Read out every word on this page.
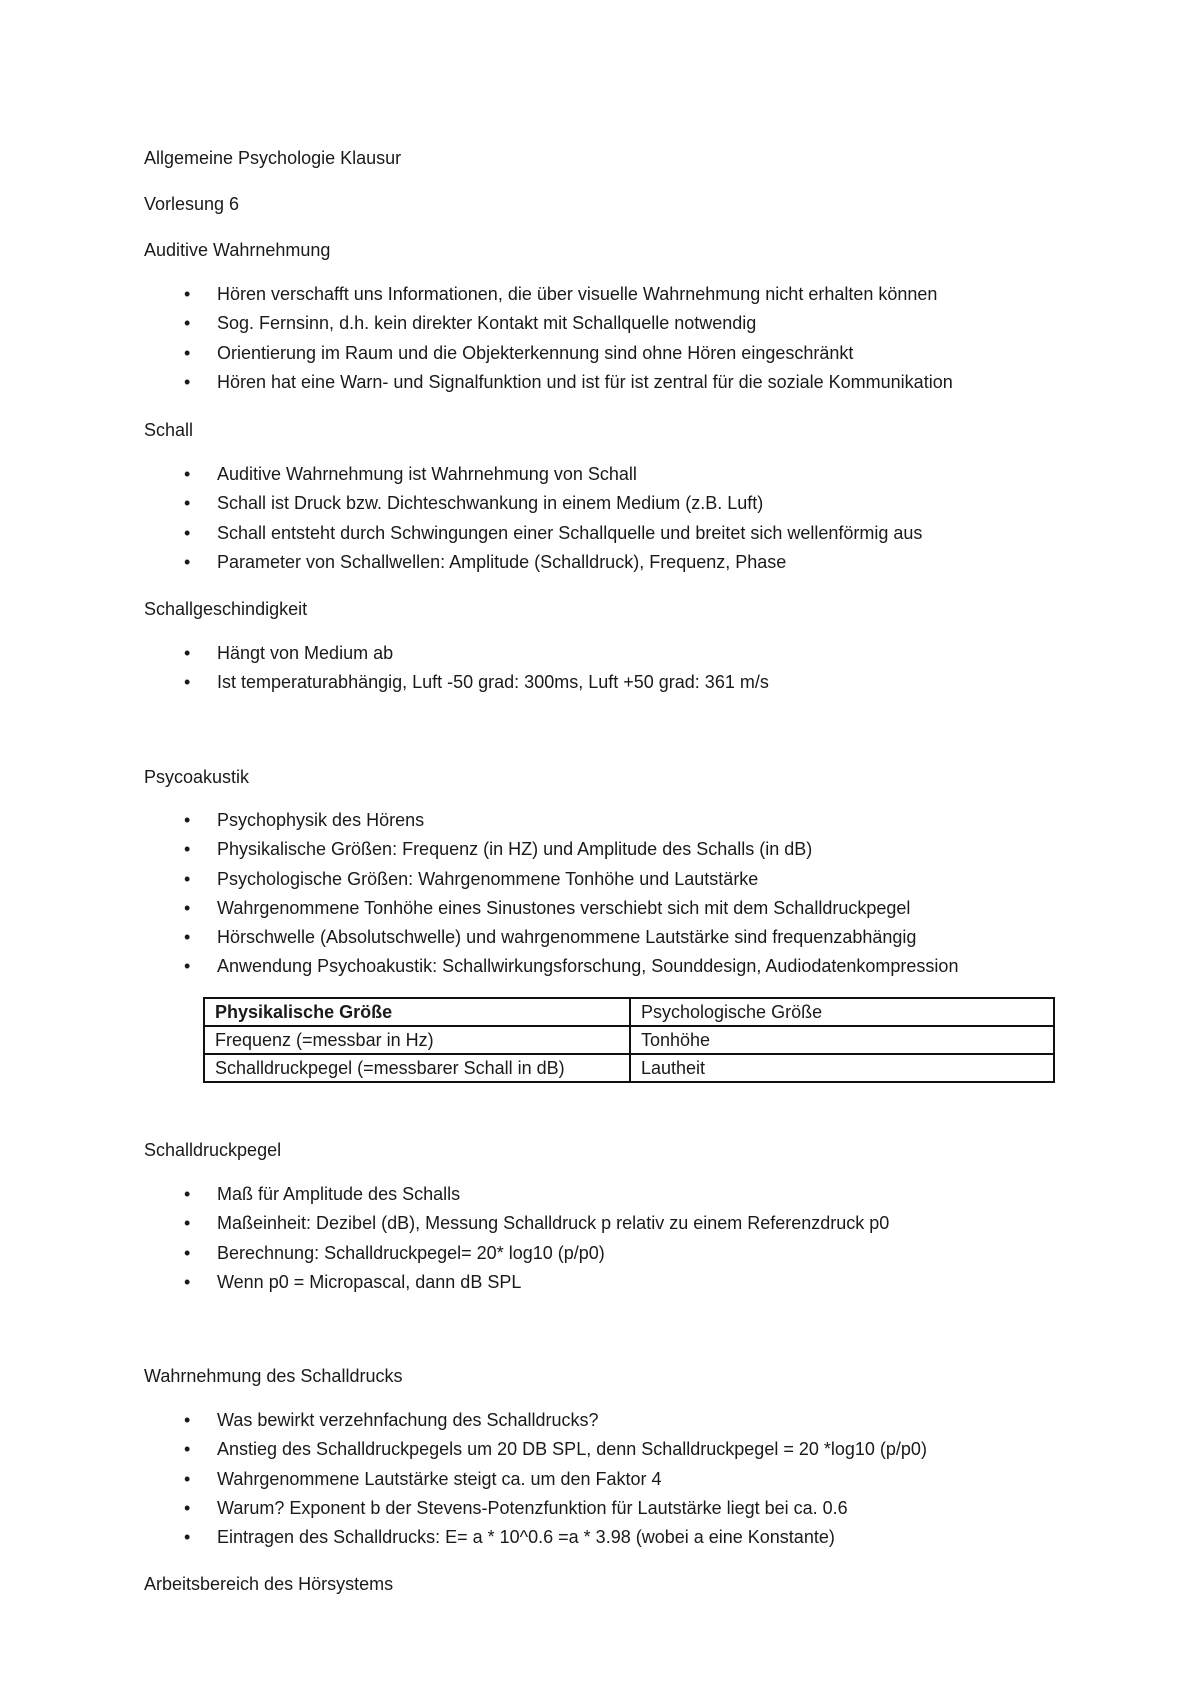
Allgemeine Psychologie Klausur

Vorlesung 6

Auditive Wahrnehmung

• Hören verschafft uns Informationen, die über visuelle Wahrnehmung nicht erhalten können
• Sog. Fernsinn, d.h. kein direkter Kontakt mit Schallquelle notwendig
• Orientierung im Raum und die Objekterkennung sind ohne Hören eingeschränkt
• Hören hat eine Warn- und Signalfunktion und ist für ist zentral für die soziale Kommunikation

Schall

• Auditive Wahrnehmung ist Wahrnehmung von Schall
• Schall ist Druck bzw. Dichteschwankung in einem Medium (z.B. Luft)
• Schall entsteht durch Schwingungen einer Schallquelle und breitet sich wellenförmig aus
• Parameter von Schallwellen: Amplitude (Schalldruck), Frequenz, Phase

Schallgeschindigkeit

• Hängt von Medium ab
• Ist temperaturabhängig, Luft -50 grad: 300ms, Luft +50 grad: 361 m/s

Psycoakustik

• Psychophysik des Hörens
• Physikalische Größen: Frequenz (in HZ) und Amplitude des Schalls (in dB)
• Psychologische Größen: Wahrgenommene Tonhöhe und Lautstärke
• Wahrgenommene Tonhöhe eines Sinustones verschiebt sich mit dem Schalldruckpegel
• Hörschwelle (Absolutschwelle) und wahrgenommene Lautstärke sind frequenzabhängig
• Anwendung Psychoakustik: Schallwirkungsforschung, Sounddesign, Audiodatenkompression
Physikalische Größe	Psychologische Größe
Frequenz (=messbar in Hz)	Tonhöhe
Schalldruckpegel (=messbarer Schall in dB)	Lautheit

Schalldruckpegel

• Maß für Amplitude des Schalls
• Maßeinheit: Dezibel (dB), Messung Schalldruck p relativ zu einem Referenzdruck p0
• Berechnung: Schalldruckpegel= 20* log10 (p/p0)
• Wenn p0 = Micropascal, dann dB SPL

Wahrnehmung des Schalldrucks

• Was bewirkt verzehnfachung des Schalldrucks?
• Anstieg des Schalldruckpegels um 20 DB SPL, denn Schalldruckpegel = 20 *log10 (p/p0)
• Wahrgenommene Lautstärke steigt ca. um den Faktor 4
• Warum? Exponent b der Stevens-Potenzfunktion für Lautstärke liegt bei ca. 0.6
• Eintragen des Schalldrucks: E= a * 10^0.6 =a * 3.98 (wobei a eine Konstante)

Arbeitsbereich des Hörsystems
